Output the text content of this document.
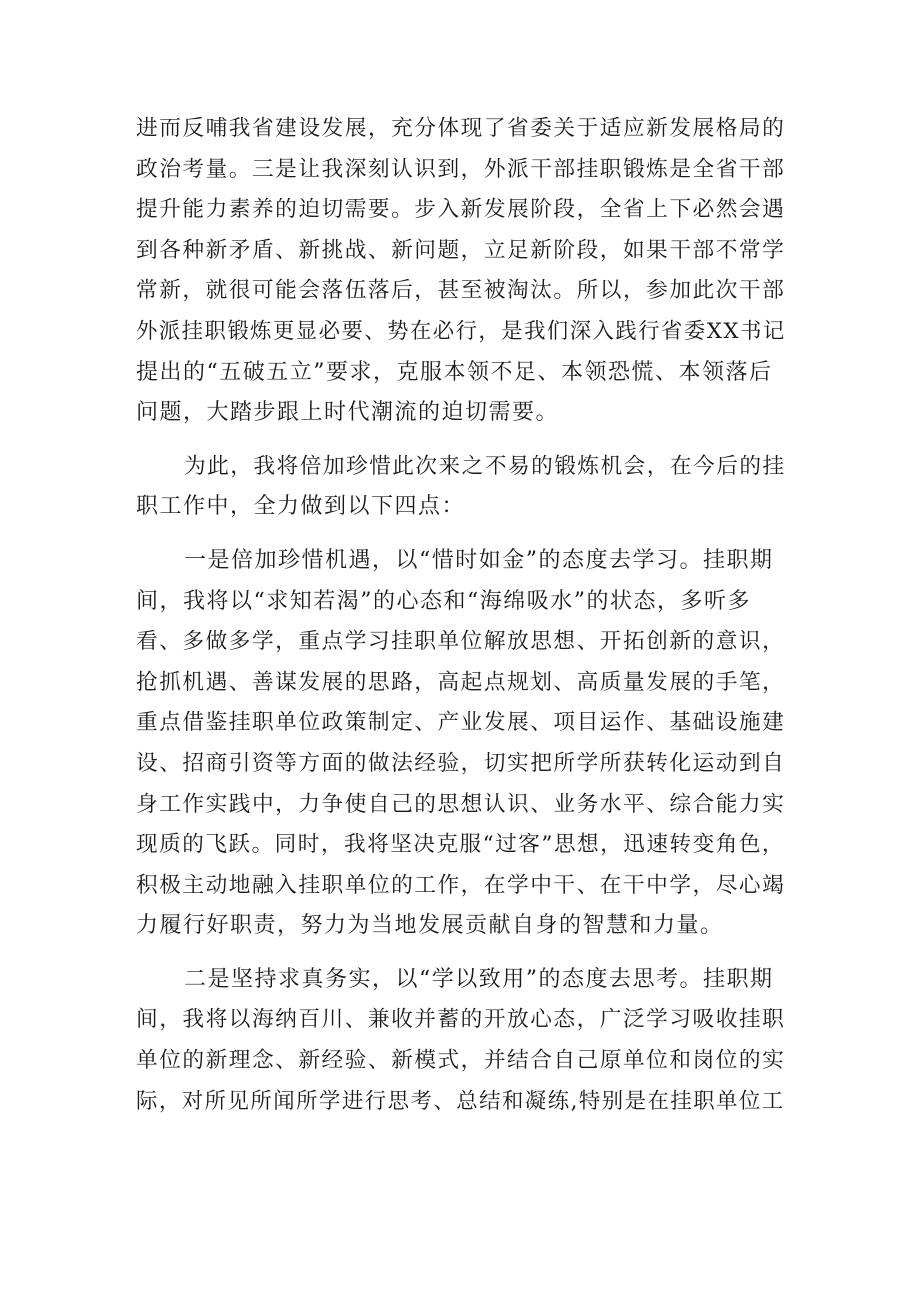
进而反哺我省建设发展，充分体现了省委关于适应新发展格局的
政治考量。三是让我深刻认识到，外派干部挂职锻炼是全省干部
提升能力素养的迫切需要。步入新发展阶段，全省上下必然会遇
到各种新矛盾、新挑战、新问题，立足新阶段，如果干部不常学
常新，就很可能会落伍落后，甚至被淘汰。所以，参加此次干部
外派挂职锻炼更显必要、势在必行，是我们深入践行省委XX书记
提出的“五破五立”要求，克服本领不足、本领恐慌、本领落后
问题，大踏步跟上时代潮流的迫切需要。
为此，我将倍加珍惜此次来之不易的锻炼机会，在今后的挂
职工作中，全力做到以下四点：
一是倍加珍惜机遇，以“惜时如金”的态度去学习。挂职期
间，我将以“求知若渴”的心态和“海绵吸水”的状态，多听多
看、多做多学，重点学习挂职单位解放思想、开拓创新的意识，
抢抓机遇、善谋发展的思路，高起点规划、高质量发展的手笔，
重点借鉴挂职单位政策制定、产业发展、项目运作、基础设施建
设、招商引资等方面的做法经验，切实把所学所获转化运动到自
身工作实践中，力争使自己的思想认识、业务水平、综合能力实
现质的飞跃。同时，我将坚决克服“过客”思想，迅速转变角色，
积极主动地融入挂职单位的工作，在学中干、在干中学，尽心竭
力履行好职责，努力为当地发展贡献自身的智慧和力量。
二是坚持求真务实，以“学以致用”的态度去思考。挂职期
间，我将以海纳百川、兼收并蓄的开放心态，广泛学习吸收挂职
单位的新理念、新经验、新模式，并结合自己原单位和岗位的实
际，对所见所闻所学进行思考、总结和凝练,特别是在挂职单位工
